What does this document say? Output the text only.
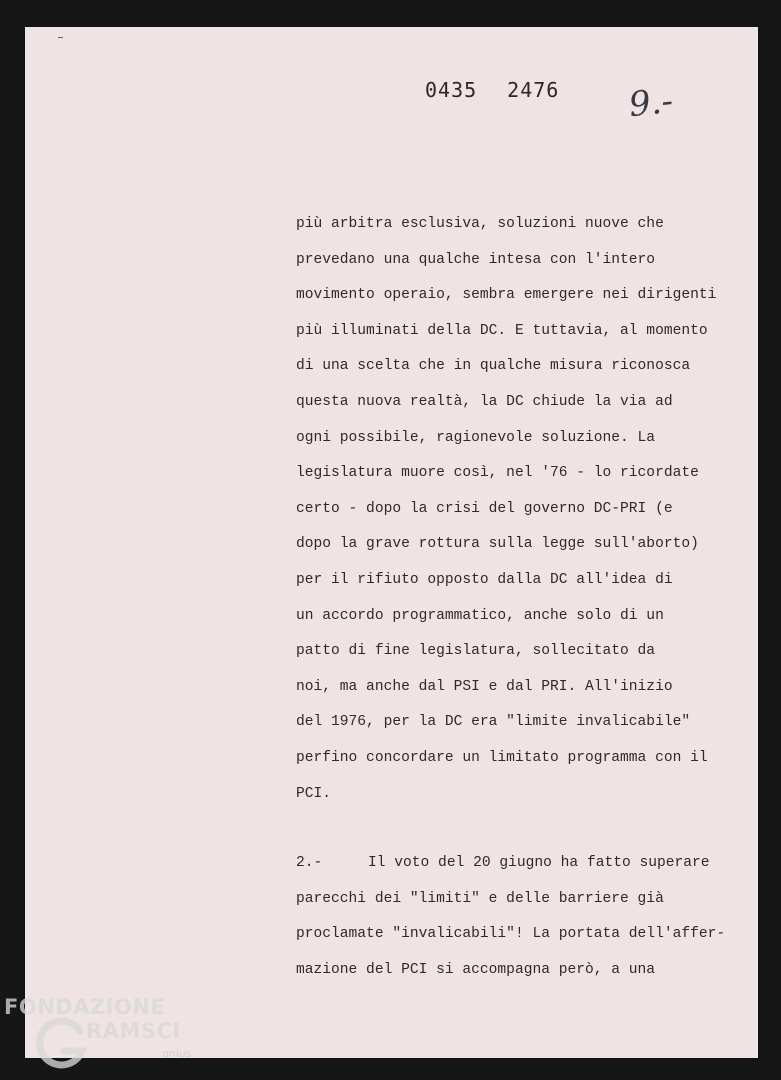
0435 2476 9.-
più arbitra esclusiva, soluzioni nuove che
prevedano una qualche intesa con l'intero
movimento operaio, sembra emergere nei dirigenti
più illuminati della DC. E tuttavia, al momento
di una scelta che in qualche misura riconosca
questa nuova realtà, la DC chiude la via ad
ogni possibile, ragionevole soluzione. La
legislatura muore così, nel '76 - lo ricordate
certo - dopo la crisi del governo DC-PRI (e
dopo la grave rottura sulla legge sull'aborto)
per il rifiuto opposto dalla DC all'idea di
un accordo programmatico, anche solo di un
patto di fine legislatura, sollecitato da
noi, ma anche dal PSI e dal PRI. All'inizio
del 1976, per la DC era "limite invalicabile"
perfino concordare un limitato programma con il
PCI.
2.-	Il voto del 20 giugno ha fatto superare
parecchi dei "limiti" e delle barriere già
proclamate "invalicabili"! La portata dell'affer-
mazione del PCI si accompagna però, a una
FONDAZIONE
RAMSCI
onlus
